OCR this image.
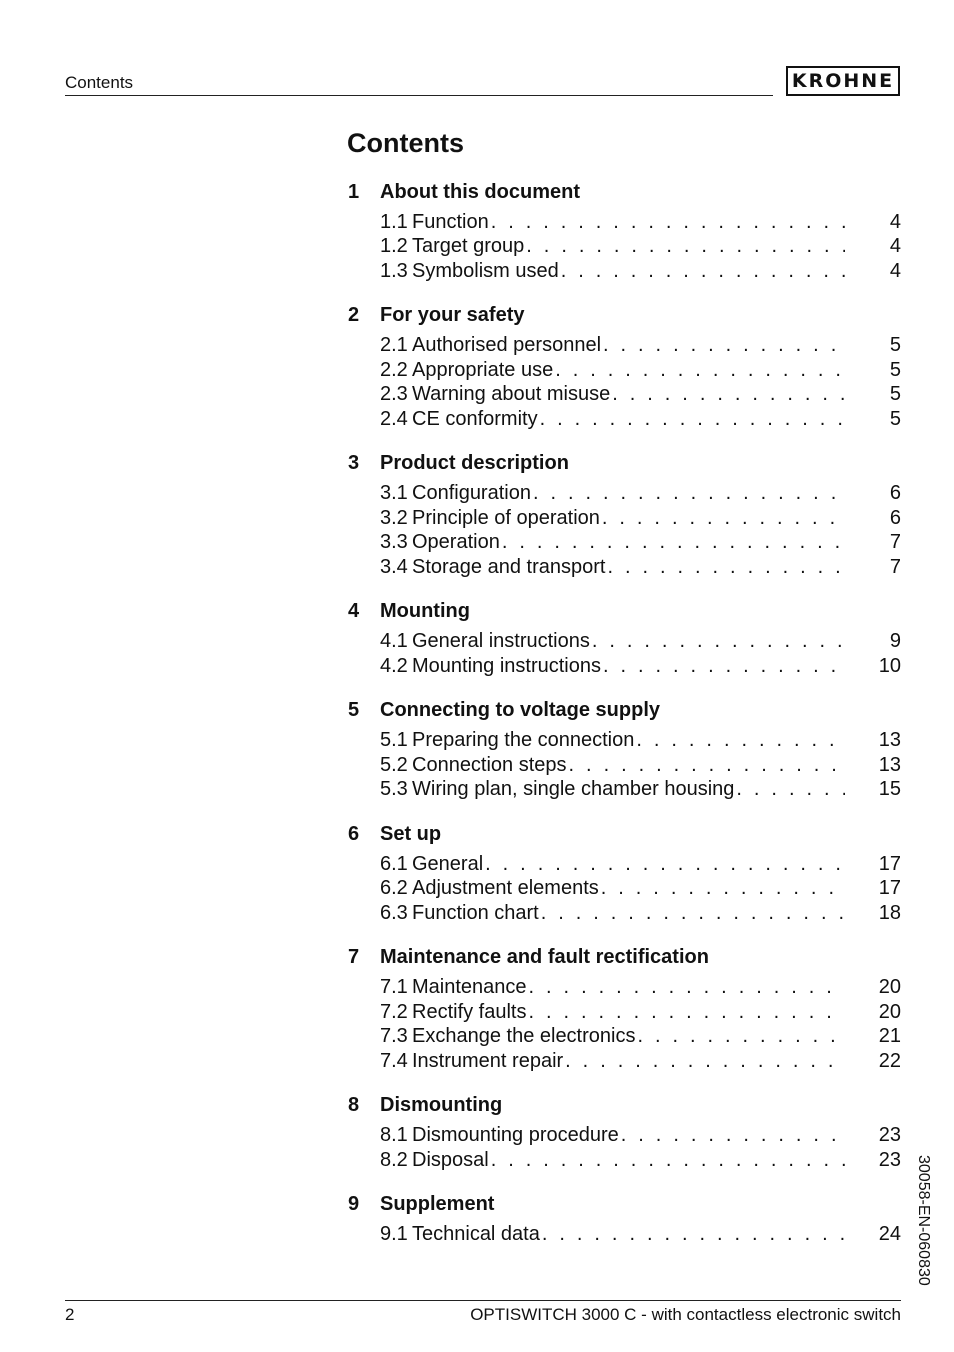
Contents	KROHNE
Contents
1	About this document
1.1 Function . . .	4
1.2 Target group . . .	4
1.3 Symbolism used . . .	4
2	For your safety
2.1 Authorised personnel . . .	5
2.2 Appropriate use . . .	5
2.3 Warning about misuse . . .	5
2.4 CE conformity . . .	5
3	Product description
3.1 Configuration . . .	6
3.2 Principle of operation . . .	6
3.3 Operation . . .	7
3.4 Storage and transport . . .	7
4	Mounting
4.1 General instructions . . .	9
4.2 Mounting instructions . . .	10
5	Connecting to voltage supply
5.1 Preparing the connection . . .	13
5.2 Connection steps . . .	13
5.3 Wiring plan, single chamber housing . . .	15
6	Set up
6.1 General . . .	17
6.2 Adjustment elements . . .	17
6.3 Function chart . . .	18
7	Maintenance and fault rectification
7.1 Maintenance . . .	20
7.2 Rectify faults . . .	20
7.3 Exchange the electronics . . .	21
7.4 Instrument repair . . .	22
8	Dismounting
8.1 Dismounting procedure . . .	23
8.2 Disposal . . .	23
9	Supplement
9.1 Technical data . . .	24 30058-EN-060830
2	OPTISWITCH 3000 C - with contactless electronic switch
